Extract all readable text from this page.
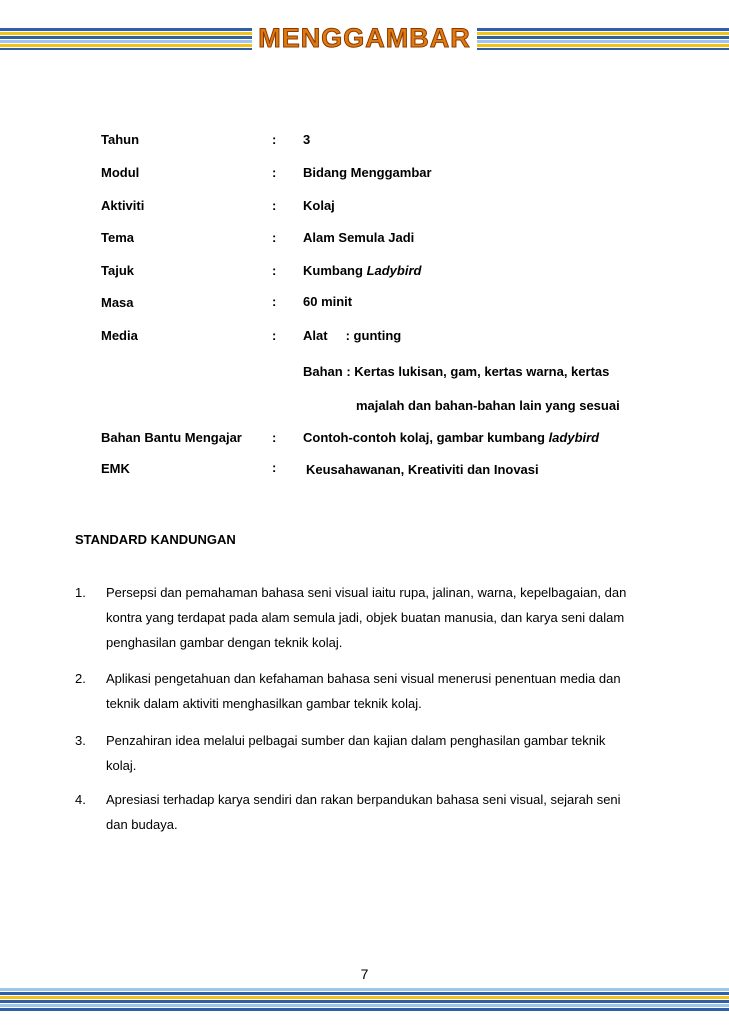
MENGGAMBAR
Tahun	: 3
Modul	: Bidang Menggambar
Aktiviti	: Kolaj
Tema	: Alam Semula Jadi
Tajuk	: Kumbang Ladybird
Masa	: 60 minit
Media	: Alat     : gunting
Bahan : Kertas lukisan, gam, kertas warna, kertas
majalah dan bahan-bahan lain yang sesuai
Bahan Bantu Mengajar : Contoh-contoh kolaj, gambar kumbang ladybird
EMK	: Keusahawanan, Kreativiti dan Inovasi
STANDARD KANDUNGAN
1. Persepsi dan pemahaman bahasa seni visual iaitu rupa, jalinan, warna, kepelbagaian, dan
kontra yang terdapat pada alam semula jadi, objek buatan manusia, dan karya seni dalam
penghasilan gambar dengan teknik kolaj.
2. Aplikasi pengetahuan dan kefahaman bahasa seni visual menerusi penentuan media dan
teknik dalam aktiviti menghasilkan gambar teknik kolaj.
3. Penzahiran idea melalui pelbagai sumber dan kajian dalam penghasilan gambar teknik
kolaj.
4. Apresiasi terhadap karya sendiri dan rakan berpandukan bahasa seni visual, sejarah seni
dan budaya.
7
